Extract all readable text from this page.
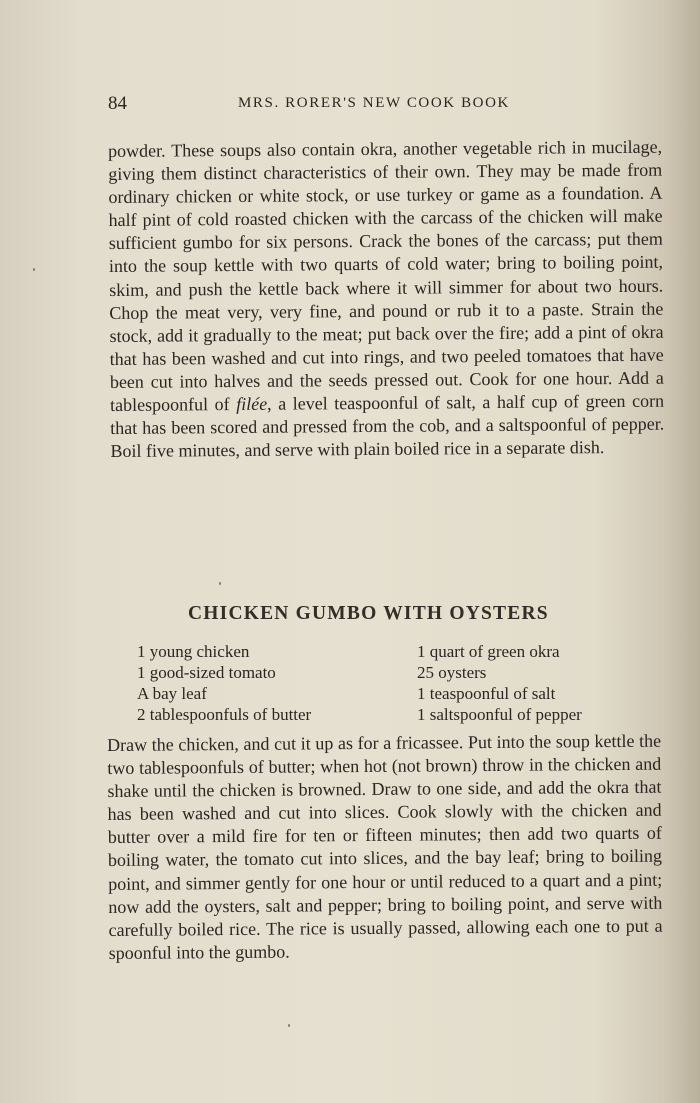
84	MRS. RORER'S NEW COOK BOOK
powder. These soups also contain okra, another vegetable rich in mucilage, giving them distinct characteristics of their own. They may be made from ordinary chicken or white stock, or use turkey or game as a foundation. A half pint of cold roasted chicken with the carcass of the chicken will make sufficient gumbo for six persons. Crack the bones of the carcass; put them into the soup kettle with two quarts of cold water; bring to boiling point, skim, and push the kettle back where it will simmer for about two hours. Chop the meat very, very fine, and pound or rub it to a paste. Strain the stock, add it gradually to the meat; put back over the fire; add a pint of okra that has been washed and cut into rings, and two peeled tomatoes that have been cut into halves and the seeds pressed out. Cook for one hour. Add a tablespoonful of filée, a level teaspoonful of salt, a half cup of green corn that has been scored and pressed from the cob, and a saltspoonful of pepper. Boil five minutes, and serve with plain boiled rice in a separate dish.
CHICKEN GUMBO WITH OYSTERS
1 young chicken
1 good-sized tomato
A bay leaf
2 tablespoonfuls of butter
1 quart of green okra
25 oysters
1 teaspoonful of salt
1 saltspoonful of pepper
Draw the chicken, and cut it up as for a fricassee. Put into the soup kettle the two tablespoonfuls of butter; when hot (not brown) throw in the chicken and shake until the chicken is browned. Draw to one side, and add the okra that has been washed and cut into slices. Cook slowly with the chicken and butter over a mild fire for ten or fifteen minutes; then add two quarts of boiling water, the tomato cut into slices, and the bay leaf; bring to boiling point, and simmer gently for one hour or until reduced to a quart and a pint; now add the oysters, salt and pepper; bring to boiling point, and serve with carefully boiled rice. The rice is usually passed, allowing each one to put a spoonful into the gumbo.
